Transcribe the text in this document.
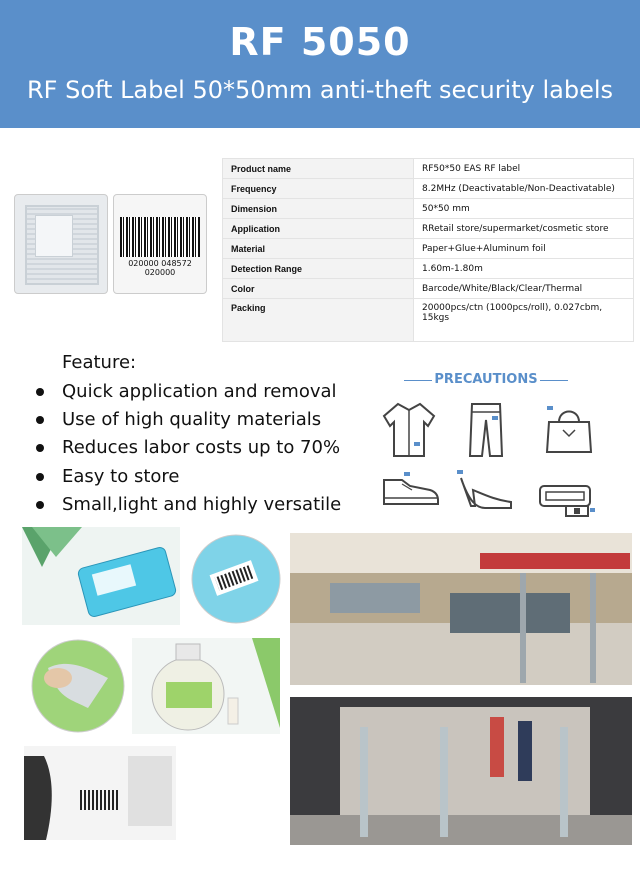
RF 5050
RF Soft Label 50*50mm anti-theft security labels
020000 048572 020000
Product name	RF50*50 EAS RF label
Frequency	8.2MHz (Deactivatable/Non-Deactivatable)
Dimension	50*50 mm
Application	RRetail store/supermarket/cosmetic store
Material	Paper+Glue+Aluminum foil
Detection Range	1.60m-1.80m
Color	Barcode/White/Black/Clear/Thermal
Packing	20000pcs/ctn (1000pcs/roll), 0.027cbm, 15kgs
Feature:
Quick application and removal
Use of high quality materials
Reduces labor costs up to 70%
Easy to store
Small,light and highly versatile
PRECAUTIONS
